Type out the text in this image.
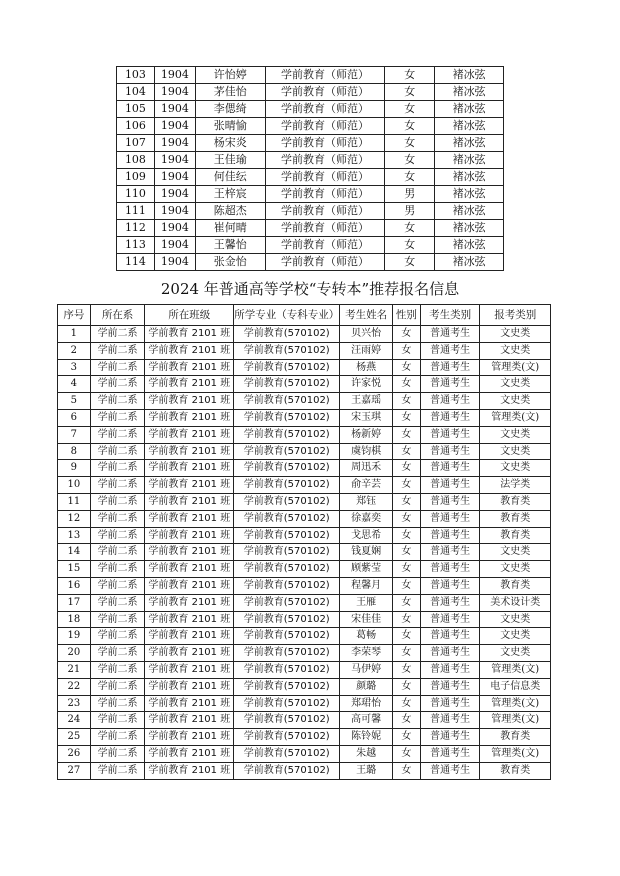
103	1904	许怡婷	学前教育（师范）	女	褚冰弦
104	1904	茅佳怡	学前教育（师范）	女	褚冰弦
105	1904	李偲绮	学前教育（师范）	女	褚冰弦
106	1904	张晴愉	学前教育（师范）	女	褚冰弦
107	1904	杨宋炎	学前教育（师范）	女	褚冰弦
108	1904	王佳瑜	学前教育（师范）	女	褚冰弦
109	1904	何佳纭	学前教育（师范）	女	褚冰弦
110	1904	王梓宸	学前教育（师范）	男	褚冰弦
111	1904	陈超杰	学前教育（师范）	男	褚冰弦
112	1904	崔何晴	学前教育（师范）	女	褚冰弦
113	1904	王馨怡	学前教育（师范）	女	褚冰弦
114	1904	张金怡	学前教育（师范）	女	褚冰弦
2024 年普通高等学校“专转本”推荐报名信息
序号	所在系	所在班级	所学专业（专科专业）	考生姓名	性别	考生类别	报考类别
1	学前二系	学前教育 2101 班	学前教育(570102)	贝兴怡	女	普通考生	文史类
2	学前二系	学前教育 2101 班	学前教育(570102)	汪雨婷	女	普通考生	文史类
3	学前二系	学前教育 2101 班	学前教育(570102)	杨燕	女	普通考生	管理类(文)
4	学前二系	学前教育 2101 班	学前教育(570102)	许家悦	女	普通考生	文史类
5	学前二系	学前教育 2101 班	学前教育(570102)	王嘉瑶	女	普通考生	文史类
6	学前二系	学前教育 2101 班	学前教育(570102)	宋玉琪	女	普通考生	管理类(文)
7	学前二系	学前教育 2101 班	学前教育(570102)	杨新婷	女	普通考生	文史类
8	学前二系	学前教育 2101 班	学前教育(570102)	虞钧棋	女	普通考生	文史类
9	学前二系	学前教育 2101 班	学前教育(570102)	周迅禾	女	普通考生	文史类
10	学前二系	学前教育 2101 班	学前教育(570102)	俞辛芸	女	普通考生	法学类
11	学前二系	学前教育 2101 班	学前教育(570102)	郑钰	女	普通考生	教育类
12	学前二系	学前教育 2101 班	学前教育(570102)	徐嘉奕	女	普通考生	教育类
13	学前二系	学前教育 2101 班	学前教育(570102)	戈思希	女	普通考生	教育类
14	学前二系	学前教育 2101 班	学前教育(570102)	钱夏娴	女	普通考生	文史类
15	学前二系	学前教育 2101 班	学前教育(570102)	顾紫莹	女	普通考生	文史类
16	学前二系	学前教育 2101 班	学前教育(570102)	程馨月	女	普通考生	教育类
17	学前二系	学前教育 2101 班	学前教育(570102)	王雁	女	普通考生	美术设计类
18	学前二系	学前教育 2101 班	学前教育(570102)	宋佳佳	女	普通考生	文史类
19	学前二系	学前教育 2101 班	学前教育(570102)	葛畅	女	普通考生	文史类
20	学前二系	学前教育 2101 班	学前教育(570102)	李荣琴	女	普通考生	文史类
21	学前二系	学前教育 2101 班	学前教育(570102)	马伊婷	女	普通考生	管理类(文)
22	学前二系	学前教育 2101 班	学前教育(570102)	颜璐	女	普通考生	电子信息类
23	学前二系	学前教育 2101 班	学前教育(570102)	郑珺怡	女	普通考生	管理类(文)
24	学前二系	学前教育 2101 班	学前教育(570102)	高可馨	女	普通考生	管理类(文)
25	学前二系	学前教育 2101 班	学前教育(570102)	陈铃妮	女	普通考生	教育类
26	学前二系	学前教育 2101 班	学前教育(570102)	朱越	女	普通考生	管理类(文)
27	学前二系	学前教育 2101 班	学前教育(570102)	王璐	女	普通考生	教育类
